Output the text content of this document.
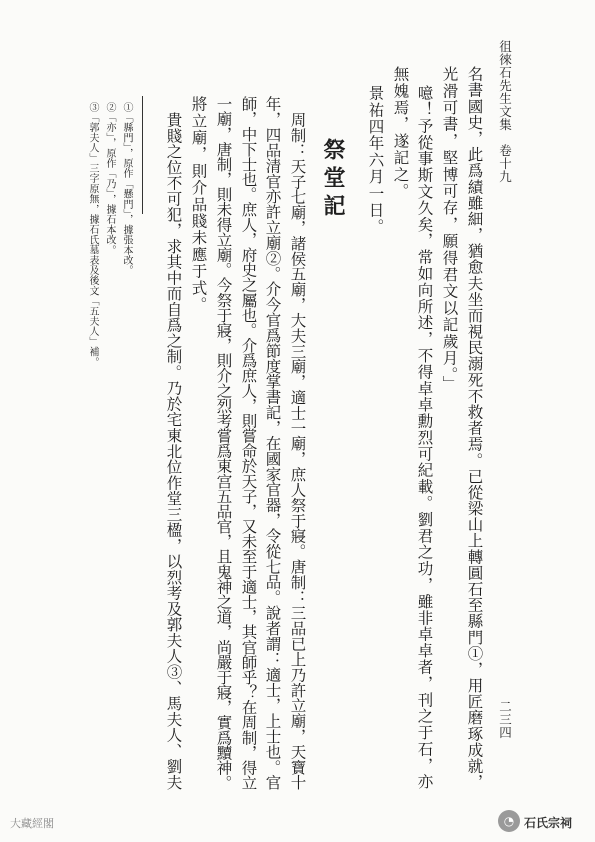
徂徠石先生文集　卷十九
二三四
名書國史，此爲績雖細，猶愈夫坐而視民溺死不救者焉。已從梁山上轉圓石至縣門①，用匠磨琢成就，
光滑可書，堅博可存，願得君文以記歲月。」
噫！予從事斯文久矣，常如向所述，不得卓卓勳烈可紀載。劉君之功，雖非卓卓者，刊之于石，亦
無媿焉，遂記之。
景祐四年六月一日。
祭堂記
周制：天子七廟，諸侯五廟，大夫三廟，適士一廟，庶人祭于寢。唐制：三品已上乃許立廟，天寶十
年，四品清官亦許立廟②。介今官爲節度掌書記，在國家官器，令從七品。說者謂：適士，上士也。官
師，中下士也。庶人，府史之屬也。介爲庶人，則嘗命於天子，又未至于適士，其官師乎？在周制，得立
一廟，唐制，則未得立廟。今祭于寢，則介之烈考嘗爲東宫五品官，且鬼神之道，尚嚴于寢，實爲黷神。
將立廟，則介品賤未應于式。
貴賤之位不可犯，求其中而自爲之制。乃於宅東北位作堂三楹，以烈考及郭夫人③、馬夫人、劉夫
①「縣門」，原作「懸門」，據張本改。
②「亦」，原作「乃」，據石本改。
③「郭夫人」三字原無，據石氏墓表及後文「五夫人」補。
大藏經閣	◔ 石氏宗祠
